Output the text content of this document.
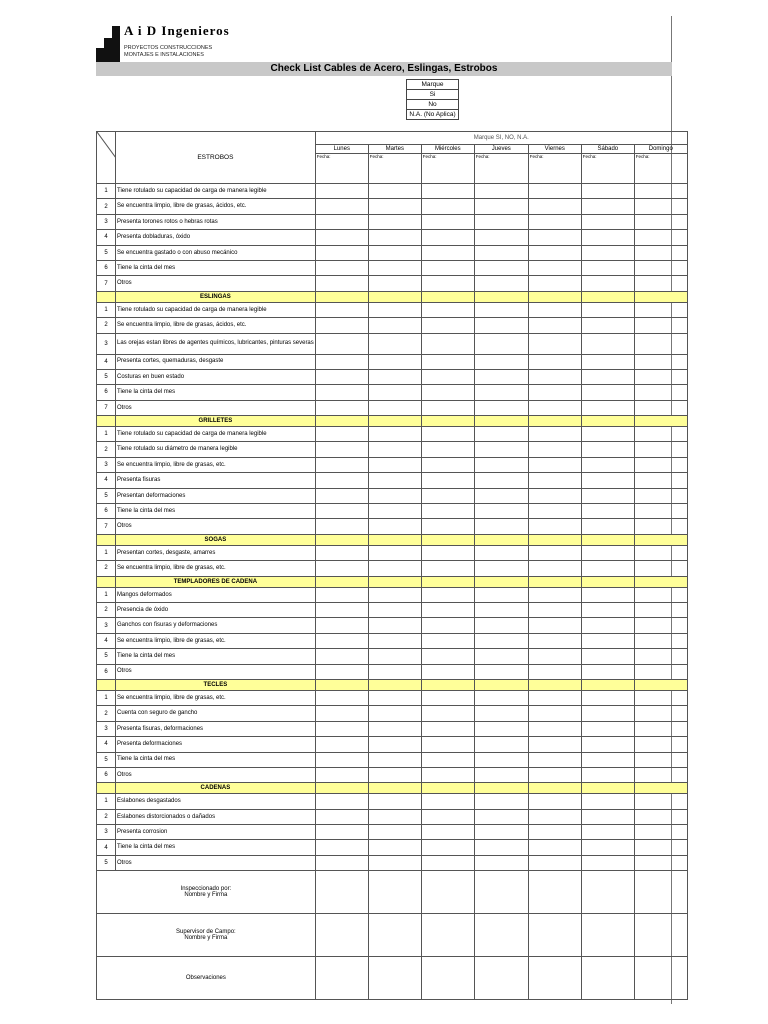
A i D Ingenieros
PROYECTOS CONSTRUCCIONES
MONTAJES E INSTALACIONES
Check List Cables de Acero, Eslingas, Estrobos
Marque
Si
No
N.A. (No Aplica)
	ESTROBOS	Marque SI, NO, N.A.						
		Lunes	Martes	Miércoles	Jueves	Viernes	Sábado	Domingo
		Fecha:	Fecha:	Fecha:	Fecha:	Fecha:	Fecha:	Fecha:
1	Tiene rotulado su capacidad de carga de manera legible							
2	Se encuentra limpio, libre de grasas, ácidos, etc.							
3	Presenta torones rotos o hebras rotas							
4	Presenta dobladuras, óxido							
5	Se encuentra gastado o con abuso mecánico							
6	Tiene la cinta del mes							
7	Otros							
	ESLINGAS							
1	Tiene rotulado su capacidad de carga de manera legible							
2	Se encuentra limpio, libre de grasas, ácidos, etc.							
3	Las orejas estan libres de agentes químicos, lubricantes, pinturas severas							
4	Presenta cortes, quemaduras, desgaste							
5	Costuras en buen estado							
6	Tiene la cinta del mes							
7	Otros							
	GRILLETES							
1	Tiene rotulado su capacidad de carga de manera legible							
2	Tiene rotulado su diámetro de manera legible							
3	Se encuentra limpio, libre de grasas, etc.							
4	Presenta fisuras							
5	Presentan deformaciones							
6	Tiene la cinta del mes							
7	Otros							
	SOGAS							
1	Presentan cortes, desgaste, amarres							
2	Se encuentra limpio, libre de grasas, etc.							
	TEMPLADORES DE CADENA							
1	Mangos deformados							
2	Presencia de óxido							
3	Ganchos con fisuras y deformaciones							
4	Se encuentra limpio, libre de grasas, etc.							
5	Tiene la cinta del mes							
6	Otros							
	TECLES							
1	Se encuentra limpio, libre de grasas, etc.							
2	Cuenta con seguro de gancho							
3	Presenta fisuras, deformaciones							
4	Presenta deformaciones							
5	Tiene la cinta del mes							
6	Otros							
	CADENAS							
1	Eslabones desgastados							
2	Eslabones distorcionados o dañados							
3	Presenta corrosion							
4	Tiene la cinta del mes							
5	Otros							

Inspeccionado por:
Nombre y Firma								

Supervisor de Campo:
Nombre y Firma								

Observaciones								
